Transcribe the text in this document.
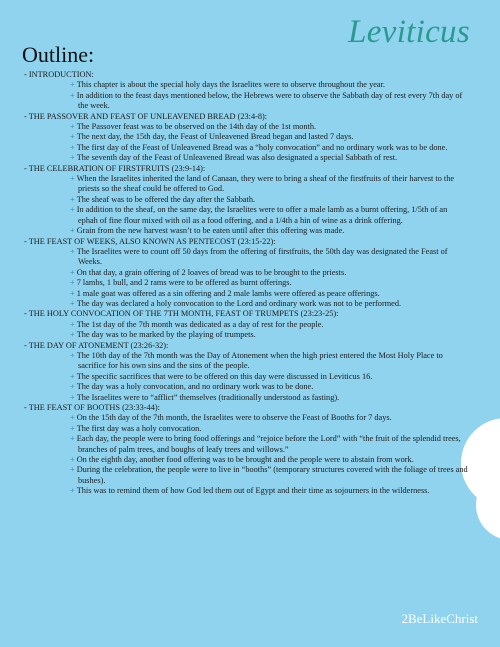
Leviticus
Outline:
- INTRODUCTION:
+ This chapter is about the special holy days the Israelites were to observe throughout the year.
+ In addition to the feast days mentioned below, the Hebrews were to observe the Sabbath day of rest every 7th day of the week.
- THE PASSOVER AND FEAST OF UNLEAVENED BREAD (23:4-8):
+ The Passover feast was to be observed on the 14th day of the 1st month.
+ The next day, the 15th day, the Feast of Unleavened Bread began and lasted 7 days.
+ The first day of the Feast of Unleavened Bread was a “holy convocation” and no ordinary work was to be done.
+ The seventh day of the Feast of Unleavened Bread was also designated a special Sabbath of rest.
- THE CELEBRATION OF FIRSTFRUITS (23:9-14):
+ When the Israelites inherited the land of Canaan, they were to bring a sheaf of the firstfruits of their harvest to the priests so the sheaf could be offered to God.
+ The sheaf was to be offered the day after the Sabbath.
+ In addition to the sheaf, on the same day, the Israelites were to offer a male lamb as a burnt offering, 1/5th of an ephah of fine flour mixed with oil as a food offering, and a 1/4th a hin of wine as a drink offering.
+ Grain from the new harvest wasn’t to be eaten until after this offering was made.
- THE FEAST OF WEEKS, ALSO KNOWN AS PENTECOST (23:15-22):
+ The Israelites were to count off 50 days from the offering of firstfruits, the 50th day was designated the Feast of Weeks.
+ On that day, a grain offering of 2 loaves of bread was to be brought to the priests.
+ 7 lambs, 1 bull, and 2 rams were to be offered as burnt offerings.
+ 1 male goat was offered as a sin offering and 2 male lambs were offered as peace offerings.
+ The day was declared a holy convocation to the Lord and ordinary work was not to be performed.
- THE HOLY CONVOCATION OF THE 7TH MONTH, FEAST OF TRUMPETS (23:23-25):
+ The 1st day of the 7th month was dedicated as a day of rest for the people.
+ The day was to be marked by the playing of trumpets.
- THE DAY OF ATONEMENT (23:26-32):
+ The 10th day of the 7th month was the Day of Atonement when the high priest entered the Most Holy Place to sacrifice for his own sins and the sins of the people.
+ The specific sacrifices that were to be offered on this day were discussed in Leviticus 16.
+ The day was a holy convocation, and no ordinary work was to be done.
+ The Israelites were to “afflict” themselves (traditionally understood as fasting).
- THE FEAST OF BOOTHS (23:33-44):
+ On the 15th day of the 7th month, the Israelites were to observe the Feast of Booths for 7 days.
+ The first day was a holy convocation.
+ Each day, the people were to bring food offerings and “rejoice before the Lord” with “the fruit of the splendid trees, branches of palm trees, and boughs of leafy trees and willows.”
+ On the eighth day, another food offering was to be brought and the people were to abstain from work.
+ During the celebration, the people were to live in “booths” (temporary structures covered with the foliage of trees and bushes).
+ This was to remind them of how God led them out of Egypt and their time as sojourners in the wilderness.
2BeLikeChrist
